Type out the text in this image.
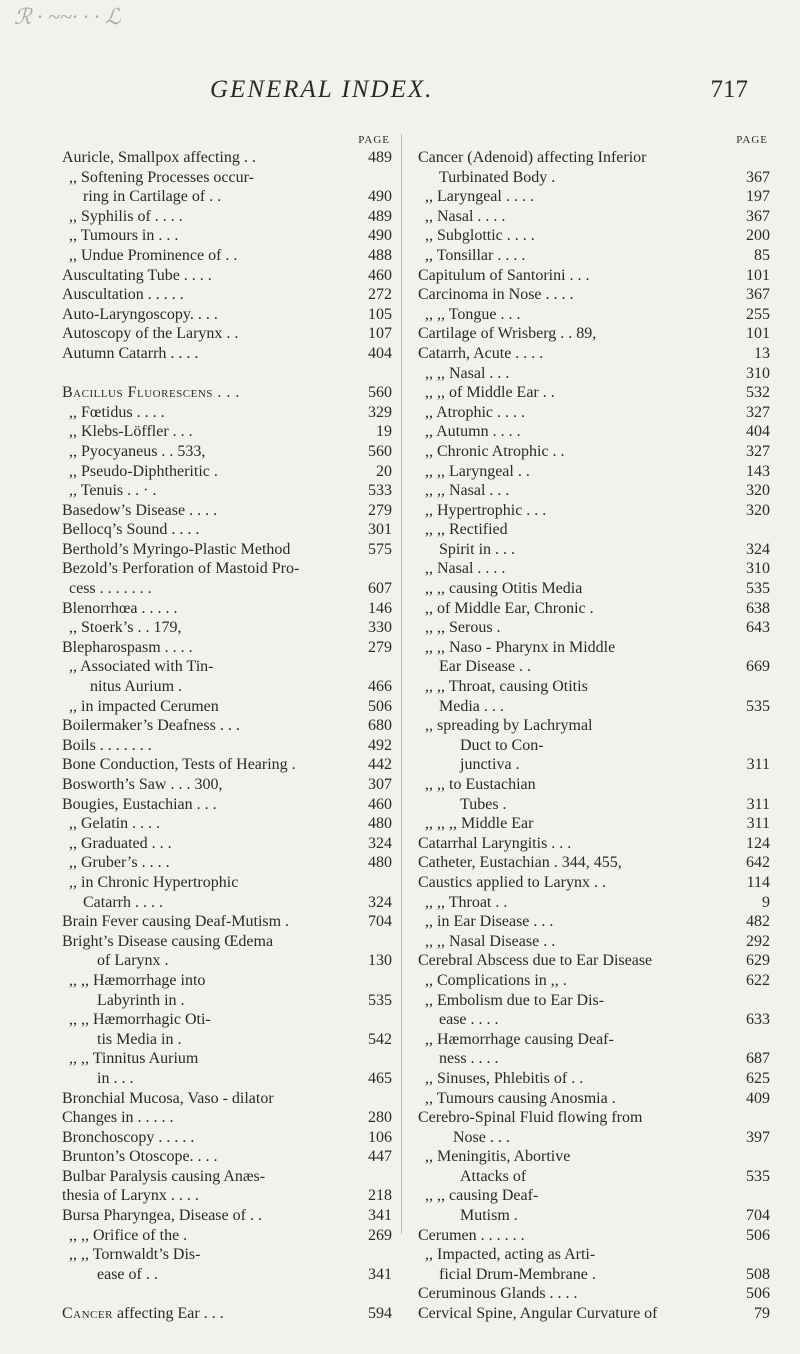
ℛ · ~~· · · ℒ
GENERAL INDEX.	717
PAGE
Auricle, Smallpox affecting . .	489
,, Softening Processes occur-
ring in Cartilage of . .	490
,, Syphilis of . . . .	489
,, Tumours in . . .	490
,, Undue Prominence of . .	488
Auscultating Tube . . . .	460
Auscultation . . . . .	272
Auto-Laryngoscopy. . . .	105
Autoscopy of the Larynx . .	107
Autumn Catarrh . . . .	404
Bacillus Fluorescens . . .	560
,, Fœtidus . . . .	329
,, Klebs-Löffler . . .	19
,, Pyocyaneus . . 533,	560
,, Pseudo-Diphtheritic .	20
,, Tenuis . . · .	533
Basedow’s Disease . . . .	279
Bellocq’s Sound . . . .	301
Berthold’s Myringo-Plastic Method	575
Bezold’s Perforation of Mastoid Pro-
cess . . . . . . .	607
Blenorrhœa . . . . .	146
,, Stoerk’s . . 179,	330
Blepharospasm . . . .	279
,, Associated with Tin-
nitus Aurium .	466
,, in impacted Cerumen	506
Boilermaker’s Deafness . . .	680
Boils . . . . . . .	492
Bone Conduction, Tests of Hearing .	442
Bosworth’s Saw . . . 300,	307
Bougies, Eustachian . . .	460
,, Gelatin . . . .	480
,, Graduated . . .	324
,, Gruber’s . . . .	480
,, in Chronic Hypertrophic
Catarrh . . . .	324
Brain Fever causing Deaf-Mutism .	704
Bright’s Disease causing Œdema
of Larynx .	130
,, ,, Hæmorrhage into
Labyrinth in .	535
,, ,, Hæmorrhagic Oti-
tis Media in .	542
,, ,, Tinnitus Aurium
in . . .	465
Bronchial Mucosa, Vaso - dilator
Changes in . . . . .	280
Bronchoscopy . . . . .	106
Brunton’s Otoscope. . . .	447
Bulbar Paralysis causing Anæs-
thesia of Larynx . . . .	218
Bursa Pharyngea, Disease of . .	341
,, ,, Orifice of the .	269
,, ,, Tornwaldt’s Dis-
ease of . .	341
Cancer affecting Ear . . .	594
PAGE
Cancer (Adenoid) affecting Inferior
Turbinated Body .	367
,, Laryngeal . . . .	197
,, Nasal . . . .	367
,, Subglottic . . . .	200
,, Tonsillar . . . .	85
Capitulum of Santorini . . .	101
Carcinoma in Nose . . . .	367
,, ,, Tongue . . .	255
Cartilage of Wrisberg . . 89,	101
Catarrh, Acute . . . .	13
,, ,, Nasal . . .	310
,, ,, of Middle Ear . .	532
,, Atrophic . . . .	327
,, Autumn . . . .	404
,, Chronic Atrophic . .	327
,, ,, Laryngeal . .	143
,, ,, Nasal . . .	320
,, Hypertrophic . . .	320
,, ,, Rectified
Spirit in . . .	324
,, Nasal . . . .	310
,, ,, causing Otitis Media	535
,, of Middle Ear, Chronic .	638
,, ,, Serous .	643
,, ,, Naso - Pharynx in Middle
Ear Disease . .	669
,, ,, Throat, causing Otitis
Media . . .	535
,, spreading by Lachrymal
Duct to Con-
junctiva .	311
,, ,, to Eustachian
Tubes .	311
,, ,, ,, Middle Ear	311
Catarrhal Laryngitis . . .	124
Catheter, Eustachian . 344, 455,	642
Caustics applied to Larynx . .	114
,, ,, Throat . .	9
,, in Ear Disease . . .	482
,, ,, Nasal Disease . .	292
Cerebral Abscess due to Ear Disease	629
,, Complications in ,, .	622
,, Embolism due to Ear Dis-
ease . . . .	633
,, Hæmorrhage causing Deaf-
ness . . . .	687
,, Sinuses, Phlebitis of . .	625
,, Tumours causing Anosmia .	409
Cerebro-Spinal Fluid flowing from
Nose . . .	397
,, Meningitis, Abortive
Attacks of	535
,, ,, causing Deaf-
Mutism .	704
Cerumen . . . . . .	506
,, Impacted, acting as Arti-
ficial Drum-Membrane .	508
Ceruminous Glands . . . .	506
Cervical Spine, Angular Curvature of	79
